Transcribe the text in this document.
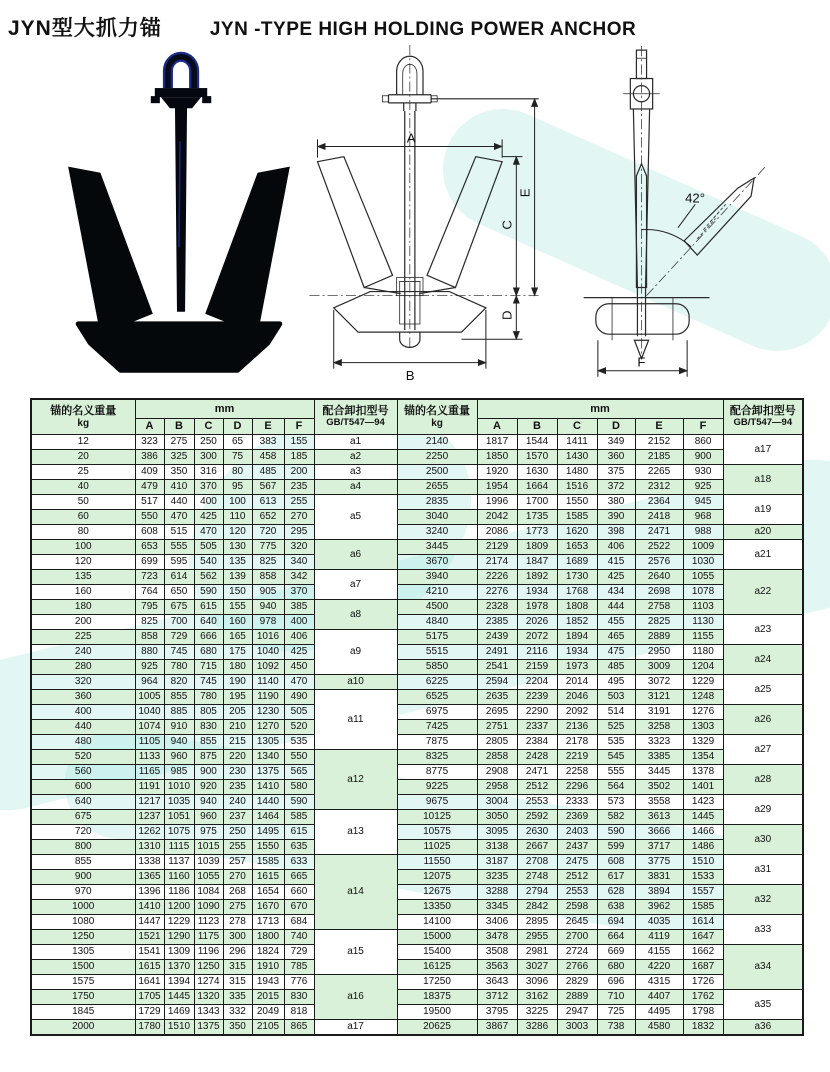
JYN型大抓力锚	JYN -TYPE HIGH HOLDING POWER ANCHOR
A
E
C
D
B
42°
F
锚的名义重量
kg
	mm	配合卸扣型号
GB/T547—94

锚的名义重量
kg
	mm	配合卸扣型号
GB/T547—94

	A	B	C	D	E	F			A	B	C	D	E	F	
12	323	275	250	65	383	155	a1	2140	1817	1544	1411	349	2152	860	a17
20	386	325	300	75	458	185	a2	2250	1850	1570	1430	360	2185	900	
25	409	350	316	80	485	200	a3	2500	1920	1630	1480	375	2265	930	a18
40	479	410	370	95	567	235	a4	2655	1954	1664	1516	372	2312	925	
50	517	440	400	100	613	255	a5	2835	1996	1700	1550	380	2364	945	a19
60	550	470	425	110	652	270		3040	2042	1735	1585	390	2418	968	
80	608	515	470	120	720	295		3240	2086	1773	1620	398	2471	988	a20
100	653	555	505	130	775	320	a6	3445	2129	1809	1653	406	2522	1009	a21
120	699	595	540	135	825	340		3670	2174	1847	1689	415	2576	1030	
135	723	614	562	139	858	342	a7	3940	2226	1892	1730	425	2640	1055	a22
160	764	650	590	150	905	370		4210	2276	1934	1768	434	2698	1078	
180	795	675	615	155	940	385	a8	4500	2328	1978	1808	444	2758	1103	
200	825	700	640	160	978	400		4840	2385	2026	1852	455	2825	1130	a23
225	858	729	666	165	1016	406	a9	5175	2439	2072	1894	465	2889	1155	
240	880	745	680	175	1040	425		5515	2491	2116	1934	475	2950	1180	a24
280	925	780	715	180	1092	450		5850	2541	2159	1973	485	3009	1204	
320	964	820	745	190	1140	470	a10	6225	2594	2204	2014	495	3072	1229	a25
360	1005	855	780	195	1190	490	a11	6525	2635	2239	2046	503	3121	1248	
400	1040	885	805	205	1230	505		6975	2695	2290	2092	514	3191	1276	a26
440	1074	910	830	210	1270	520		7425	2751	2337	2136	525	3258	1303	
480	1105	940	855	215	1305	535		7875	2805	2384	2178	535	3323	1329	a27
520	1133	960	875	220	1340	550	a12	8325	2858	2428	2219	545	3385	1354	
560	1165	985	900	230	1375	565		8775	2908	2471	2258	555	3445	1378	a28
600	1191	1010	920	235	1410	580		9225	2958	2512	2296	564	3502	1401	
640	1217	1035	940	240	1440	590		9675	3004	2553	2333	573	3558	1423	a29
675	1237	1051	960	237	1464	585	a13	10125	3050	2592	2369	582	3613	1445	
720	1262	1075	975	250	1495	615		10575	3095	2630	2403	590	3666	1466	a30
800	1310	1115	1015	255	1550	635		11025	3138	2667	2437	599	3717	1486	
855	1338	1137	1039	257	1585	633	a14	11550	3187	2708	2475	608	3775	1510	a31
900	1365	1160	1055	270	1615	665		12075	3235	2748	2512	617	3831	1533	
970	1396	1186	1084	268	1654	660		12675	3288	2794	2553	628	3894	1557	a32
1000	1410	1200	1090	275	1670	670		13350	3345	2842	2598	638	3962	1585	
1080	1447	1229	1123	278	1713	684		14100	3406	2895	2645	694	4035	1614	a33
1250	1521	1290	1175	300	1800	740	a15	15000	3478	2955	2700	664	4119	1647	
1305	1541	1309	1196	296	1824	729		15400	3508	2981	2724	669	4155	1662	a34
1500	1615	1370	1250	315	1910	785		16125	3563	3027	2766	680	4220	1687	
1575	1641	1394	1274	315	1943	776	a16	17250	3643	3096	2829	696	4315	1726	
1750	1705	1445	1320	335	2015	830		18375	3712	3162	2889	710	4407	1762	a35
1845	1729	1469	1343	332	2049	818		19500	3795	3225	2947	725	4495	1798	
2000	1780	1510	1375	350	2105	865	a17	20625	3867	3286	3003	738	4580	1832	a36
